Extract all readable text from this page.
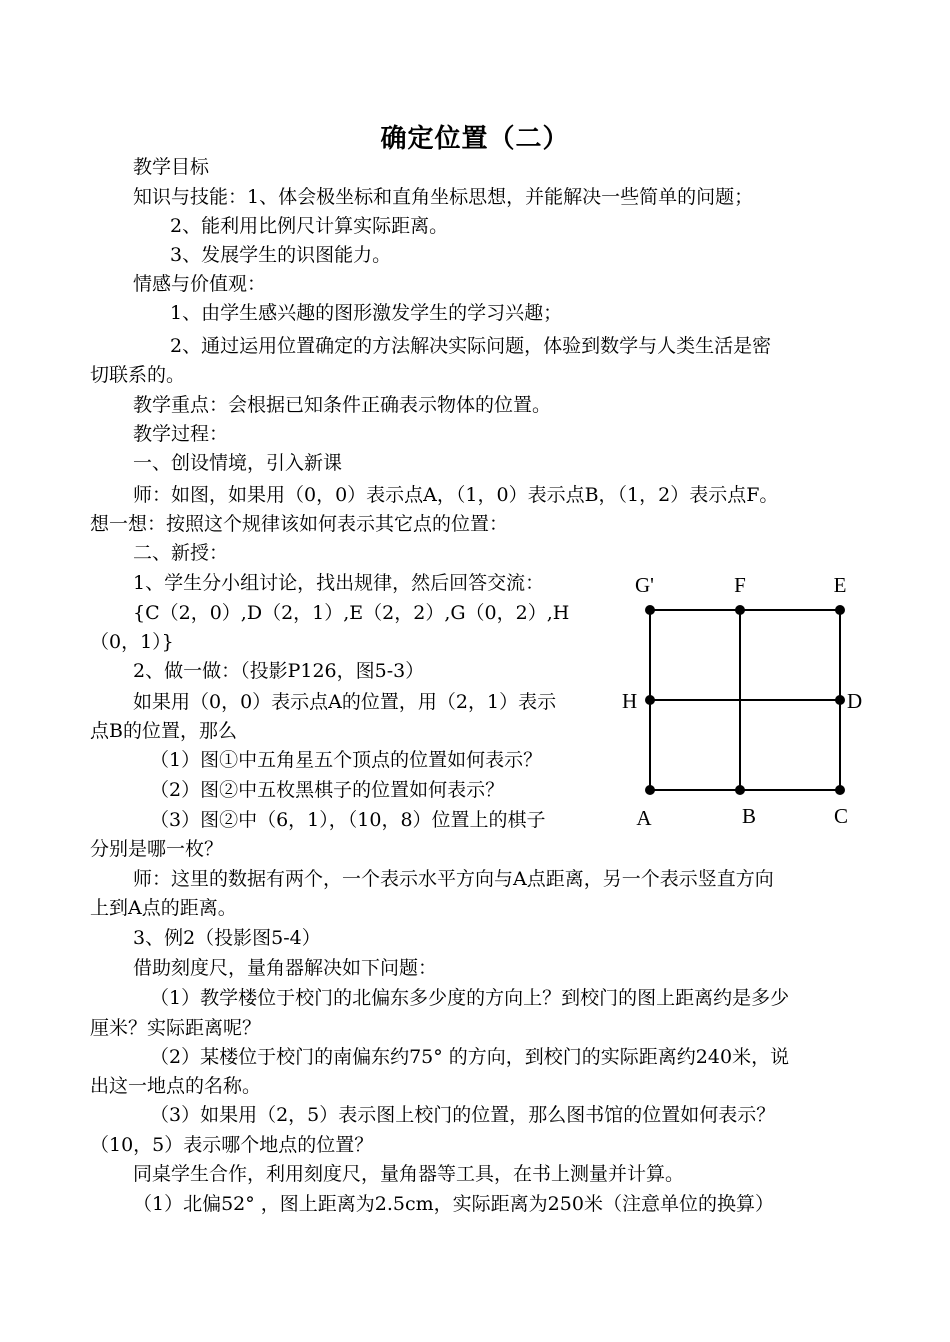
确定位置（二）
教学目标
知识与技能：1、体会极坐标和直角坐标思想，并能解决一些简单的问题；
2、能利用比例尺计算实际距离。
3、发展学生的识图能力。
情感与价值观：
1、由学生感兴趣的图形激发学生的学习兴趣；
2、通过运用位置确定的方法解决实际问题，体验到数学与人类生活是密
切联系的。
教学重点：会根据已知条件正确表示物体的位置。
教学过程：
一、创设情境，引入新课
师：如图，如果用（0，0）表示点A，（1，0）表示点B，（1，2）表示点F。
想一想：按照这个规律该如何表示其它点的位置：
二、新授：
1、学生分小组讨论，找出规律，然后回答交流：
{C（2，0）,D（2，1）,E（2，2）,G（0，2）,H
（0，1）}
2、做一做：（投影P126，图5-3）
如果用（0，0）表示点A的位置，用（2，1）表示
点B的位置，那么
（1）图①中五角星五个顶点的位置如何表示？
（2）图②中五枚黑棋子的位置如何表示？
（3）图②中（6，1），（10，8）位置上的棋子
分别是哪一枚？
师：这里的数据有两个，一个表示水平方向与A点距离，另一个表示竖直方向
上到A点的距离。
3、例2（投影图5-4）
借助刻度尺，量角器解决如下问题：
（1）教学楼位于校门的北偏东多少度的方向上？到校门的图上距离约是多少
厘米？实际距离呢？
（2）某楼位于校门的南偏东约75° 的方向，到校门的实际距离约240米，说
出这一地点的名称。
（3）如果用（2，5）表示图上校门的位置，那么图书馆的位置如何表示？
（10，5）表示哪个地点的位置？
同桌学生合作，利用刻度尺，量角器等工具，在书上测量并计算。
（1）北偏52° ，图上距离为2.5cm，实际距离为250米（注意单位的换算）
G'	F	E
H	D
A	B	C
